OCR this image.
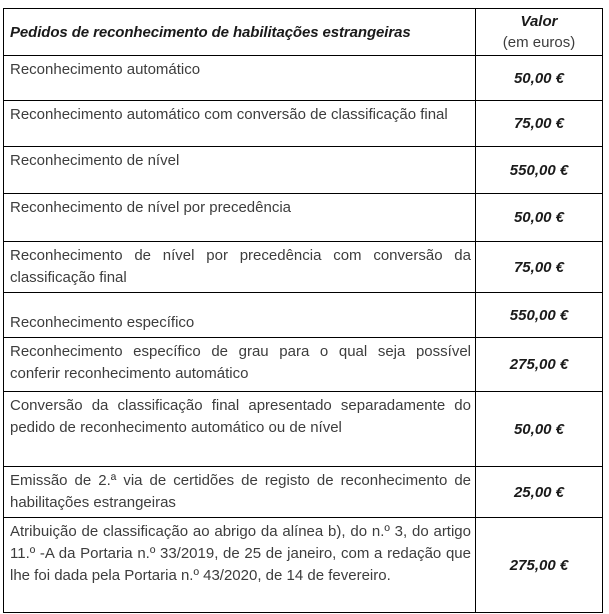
Pedidos de reconhecimento de habilitações estrangeiras	Valor
(em euros)

Reconhecimento automático	50,00 €
Reconhecimento automático com conversão de classificação final	75,00 €
Reconhecimento de nível	550,00 €
Reconhecimento de nível por precedência	50,00 €
Reconhecimento de nível por precedência com conversão da classificação final	75,00 €
Reconhecimento específico	550,00 €
Reconhecimento específico de grau para o qual seja possível conferir reconhecimento automático	275,00 €
Conversão da classificação final apresentado separadamente do pedido de reconhecimento automático ou de nível	50,00 €
Emissão de 2.ª via de certidões de registo de reconhecimento de habilitações estrangeiras	25,00 €
Atribuição de classificação ao abrigo da alínea b), do n.º 3, do artigo 11.º -A da Portaria n.º 33/2019, de 25 de janeiro, com a redação que lhe foi dada pela Portaria n.º 43/2020, de 14 de fevereiro.	275,00 €
